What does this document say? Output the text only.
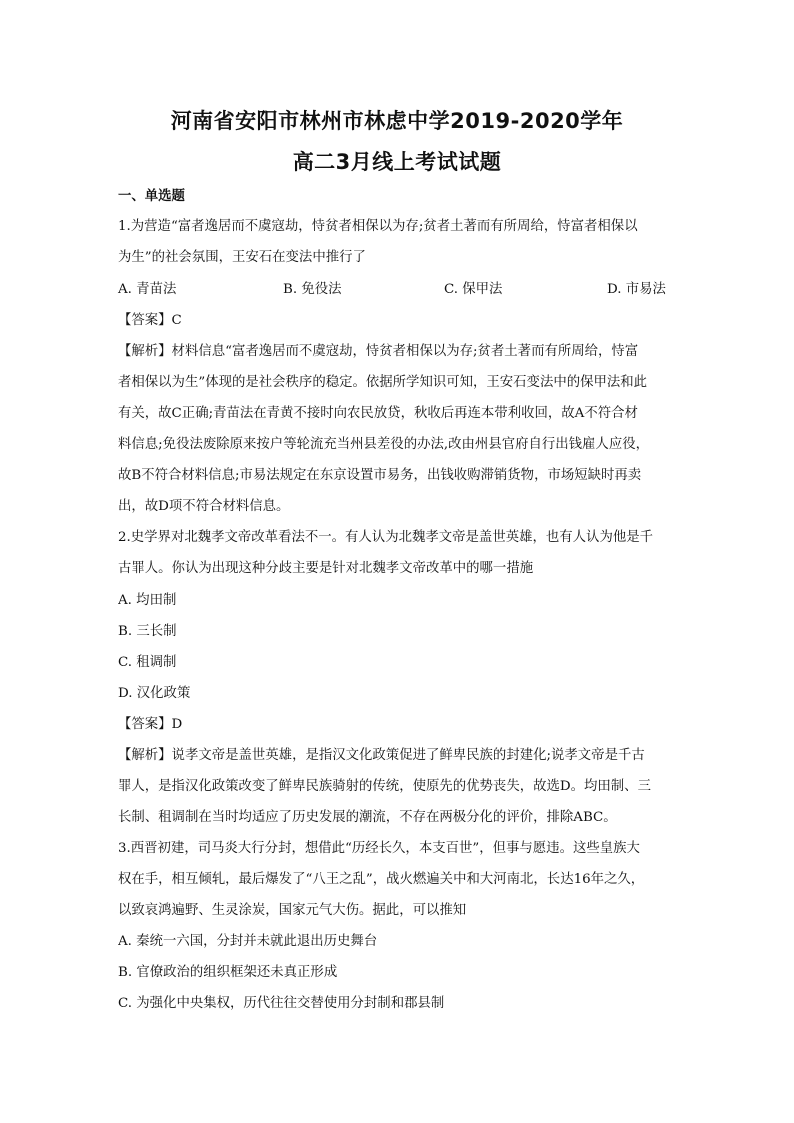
河南省安阳市林州市林虑中学2019-2020学年
高二3月线上考试试题
一、单选题
1.为营造“富者逸居而不虞寇劫，恃贫者相保以为存;贫者土著而有所周给，恃富者相保以
为生”的社会氛围，王安石在变法中推行了
A. 青苗法	B. 免役法	C. 保甲法	D. 市易法
【答案】C
【解析】材料信息“富者逸居而不虞寇劫，恃贫者相保以为存;贫者土著而有所周给，恃富
者相保以为生”体现的是社会秩序的稳定。依据所学知识可知，王安石变法中的保甲法和此
有关，故C正确;青苗法在青黄不接时向农民放贷，秋收后再连本带利收回，故A不符合材
料信息;免役法废除原来按户等轮流充当州县差役的办法,改由州县官府自行出钱雇人应役，
故B不符合材料信息;市易法规定在东京设置市易务，出钱收购滞销货物，市场短缺时再卖
出，故D项不符合材料信息。
2.史学界对北魏孝文帝改革看法不一。有人认为北魏孝文帝是盖世英雄，也有人认为他是千
古罪人。你认为出现这种分歧主要是针对北魏孝文帝改革中的哪一措施
A. 均田制
B. 三长制
C. 租调制
D. 汉化政策
【答案】D
【解析】说孝文帝是盖世英雄，是指汉文化政策促进了鲜卑民族的封建化;说孝文帝是千古
罪人，是指汉化政策改变了鲜卑民族骑射的传统，使原先的优势丧失，故选D。均田制、三
长制、租调制在当时均适应了历史发展的潮流，不存在两极分化的评价，排除ABC。
3.西晋初建，司马炎大行分封，想借此“历经长久，本支百世”，但事与愿违。这些皇族大
权在手，相互倾轧，最后爆发了“八王之乱”，战火燃遍关中和大河南北，长达16年之久，
以致哀鸿遍野、生灵涂炭，国家元气大伤。据此，可以推知
A. 秦统一六国，分封并未就此退出历史舞台
B. 官僚政治的组织框架还未真正形成
C. 为强化中央集权，历代往往交替使用分封制和郡县制
